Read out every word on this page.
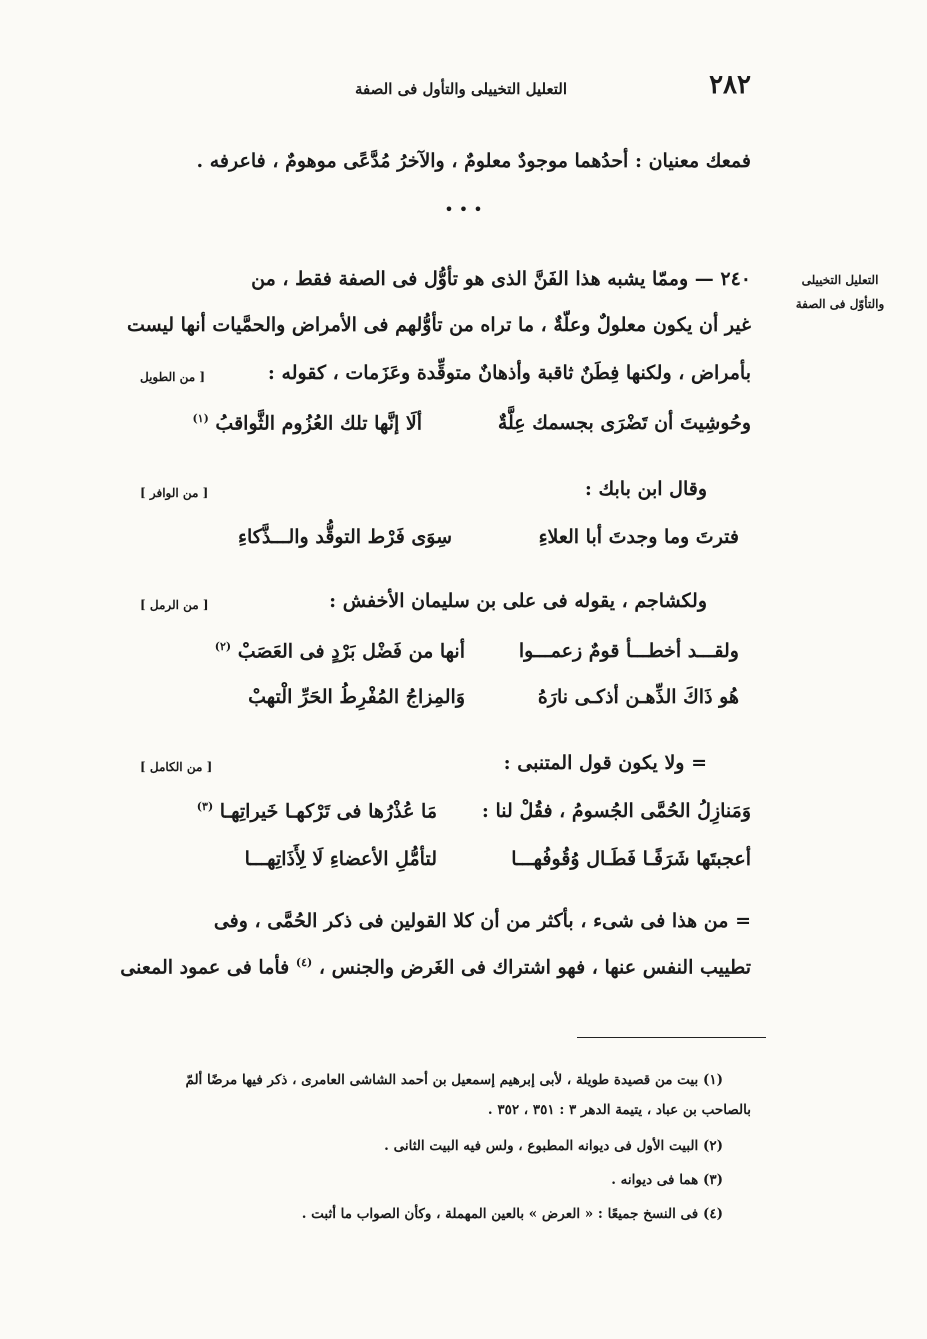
٢٨٢
التعليل التخييلى والتأول فى الصفة
فمعك معنيان : أحدُهما موجودٌ معلومٌ ، والآخرُ مُدَّعًى موهومٌ ، فاعرفه .
• • •
التعليل التخييلى والتأوّل فى الصفة
٢٤٠ — وممّا يشبه هذا الفَنَّ الذى هو تأوُّل فى الصفة فقط ، من
غير أن يكون معلولٌ وعلّةٌ ، ما تراه من تأوُّلهم فى الأمراض والحمَّيات أنها ليست
بأمراض ، ولكنها فِطَنٌ ثاقبة وأذهانٌ متوقِّدة وعَزَمات ، كقوله :
[ من الطويل
وحُوشِيتَ أن تَضْرَى بجسمك عِلَّةٌ
ألَا إنَّها تلك العُزُوم الثَّواقبُ $^{(١)}$
وقال ابن بابك :
[ من الوافر ]
فترتَ وما وجدتَ أبا العلاءِ
سِوَى فَرْط التوقُّد والـــذَّكاءِ
ولكشاجم ، يقوله فى على بن سليمان الأخفش :
[ من الرمل ]
ولقـــد أخطـــأ قومٌ زعمـــوا
أنها من فَضْل بَرْدٍ فى العَصَبْ $^{(٢)}$
هُو ذَاكَ الذِّهـن أذكـى نارَهُ
وَالمِزاجُ المُفْرِطُ الحَرِّ الْتهبْ
= ولا يكون قول المتنبى :
[ من الكامل ]
وَمَنازِلُ الحُمَّى الجُسومُ ، فقُلْ لنا :
مَا عُذْرُها فى تَرْكهـا خَيراتِهـا $^{(٣)}$
أعجبتَها شَرَفًـا فَطَـال وُقُوفُهـــا
لتأمُّلِ الأعضاءِ لَا لِأَذَاتِهـــا
= من هذا فى شىء ، بأكثر من أن كلا القولين فى ذكر الحُمَّى ، وفى
تطييب النفس عنها ، فهو اشتراك فى الغَرض والجنس ، $^{(٤)}$ فأما فى عمود المعنى
(١) بيت من قصيدة طويلة ، لأبى إبرهيم إسمعيل بن أحمد الشاشى العامرى ، ذكر فيها مرضًا ألمّ
بالصاحب بن عباد ، يتيمة الدهر ٣ : ٣٥١ ، ٣٥٢ .
(٢) البيت الأول فى ديوانه المطبوع ، ولس فيه البيت الثانى .
(٣) هما فى ديوانه .
(٤) فى النسخ جميعًا : « العرض » بالعين المهملة ، وكأن الصواب ما أثبت .
